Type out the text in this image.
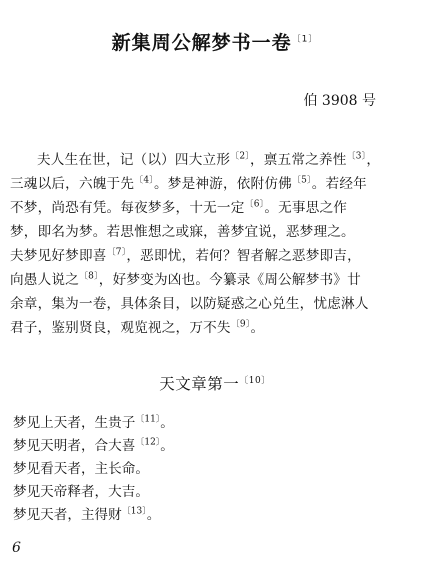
新集周公解梦书一卷$^{〔1〕}$
伯 3908 号
夫人生在世，记（以）四大立形$^{〔2〕}$，禀五常之养性$^{〔3〕}$，
三魂以后，六魄于先$^{〔4〕}$。梦是神游，依附仿佛$^{〔5〕}$。若经年
不梦，尚恐有凭。每夜梦多，十无一定$^{〔6〕}$。无事思之作
梦，即名为梦。若思惟想之或寐，善梦宜说，恶梦理之。
夫梦见好梦即喜$^{〔7〕}$，恶即忧，若何？智者解之恶梦即吉，
向愚人说之$^{〔8〕}$，好梦变为凶也。今纂录《周公解梦书》廿
余章，集为一卷，具体条目，以防疑惑之心兑生，忧虑淋人
君子，鉴别贤良，观览视之，万不失$^{〔9〕}$。
天文章第一$^{〔10〕}$
梦见上天者，生贵子$^{〔11〕}$。
梦见天明者，合大喜$^{〔12〕}$。
梦见看天者，主长命。
梦见天帝释者，大吉。
梦见天者，主得财$^{〔13〕}$。
6
